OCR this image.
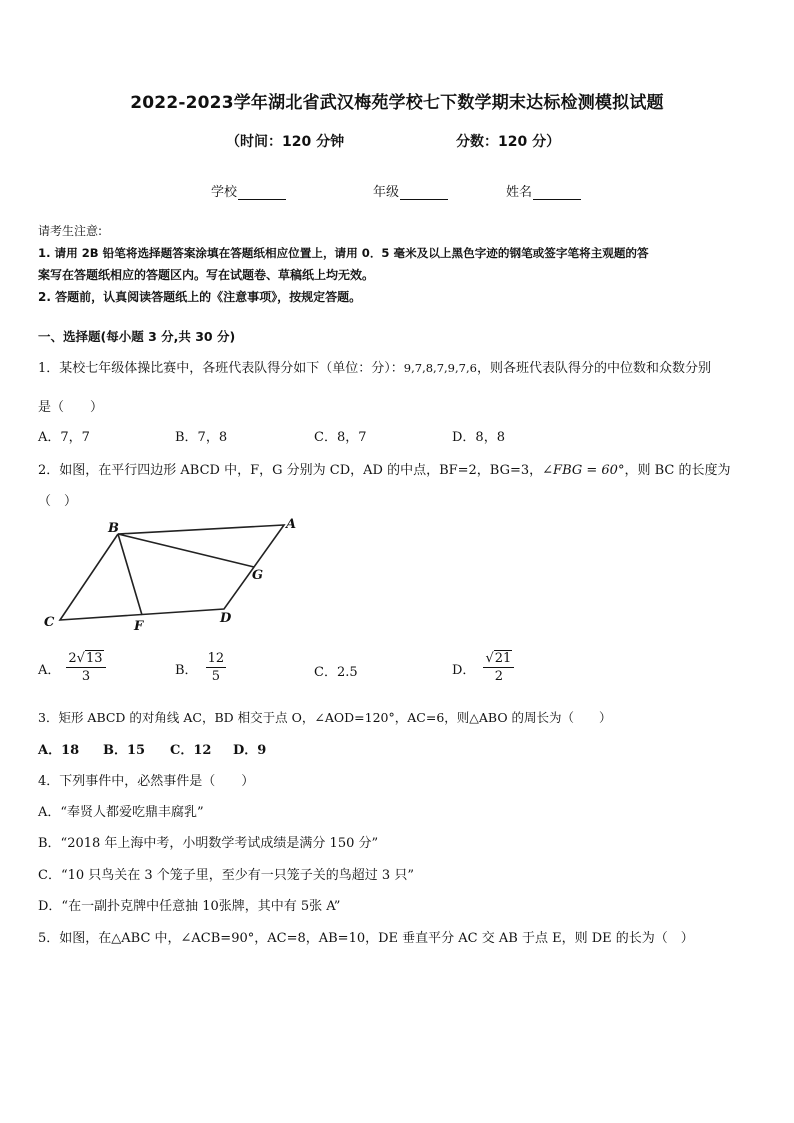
2022-2023学年湖北省武汉梅苑学校七下数学期末达标检测模拟试题
（时间：120 分钟	分数：120 分）
学校	年级	姓名
请考生注意:
1. 请用 2B 铅笔将选择题答案涂填在答题纸相应位置上，请用 0．5 毫米及以上黑色字迹的钢笔或签字笔将主观题的答
案写在答题纸相应的答题区内。写在试题卷、草稿纸上均无效。
2. 答题前，认真阅读答题纸上的《注意事项》，按规定答题。
一、选择题(每小题 3 分,共 30 分)
1．某校七年级体操比赛中，各班代表队得分如下（单位：分）：9,7,8,7,9,7,6，则各班代表队得分的中位数和众数分别
是（　　）
A．7，7	B．7，8	C．8，7	D．8，8
2．如图，在平行四边形 ABCD 中，F，G 分别为 CD，AD 的中点，BF=2，BG=3，∠FBG = 60°，则 BC 的长度为
（　）
B	A
G
D
C	F
A． $\frac{2√13}{3}$	B． $\frac{12}{5}$	C．2.5	D． $\frac{√21}{2}$
3．矩形 ABCD 的对角线 AC，BD 相交于点 O，∠AOD=120°，AC=6，则△ABO 的周长为（　　）
A．18 B．15 C．12 D．9
4．下列事件中，必然事件是（　　）
A．“奉贤人都爱吃鼎丰腐乳”
B．“2018 年上海中考，小明数学考试成绩是满分 150 分”
C．“10 只鸟关在 3 个笼子里，至少有一只笼子关的鸟超过 3 只”
D．“在一副扑克牌中任意抽 10张牌，其中有 5张 A”
5．如图，在△ABC 中，∠ACB=90°，AC=8，AB=10，DE 垂直平分 AC 交 AB 于点 E，则 DE 的长为（　）
